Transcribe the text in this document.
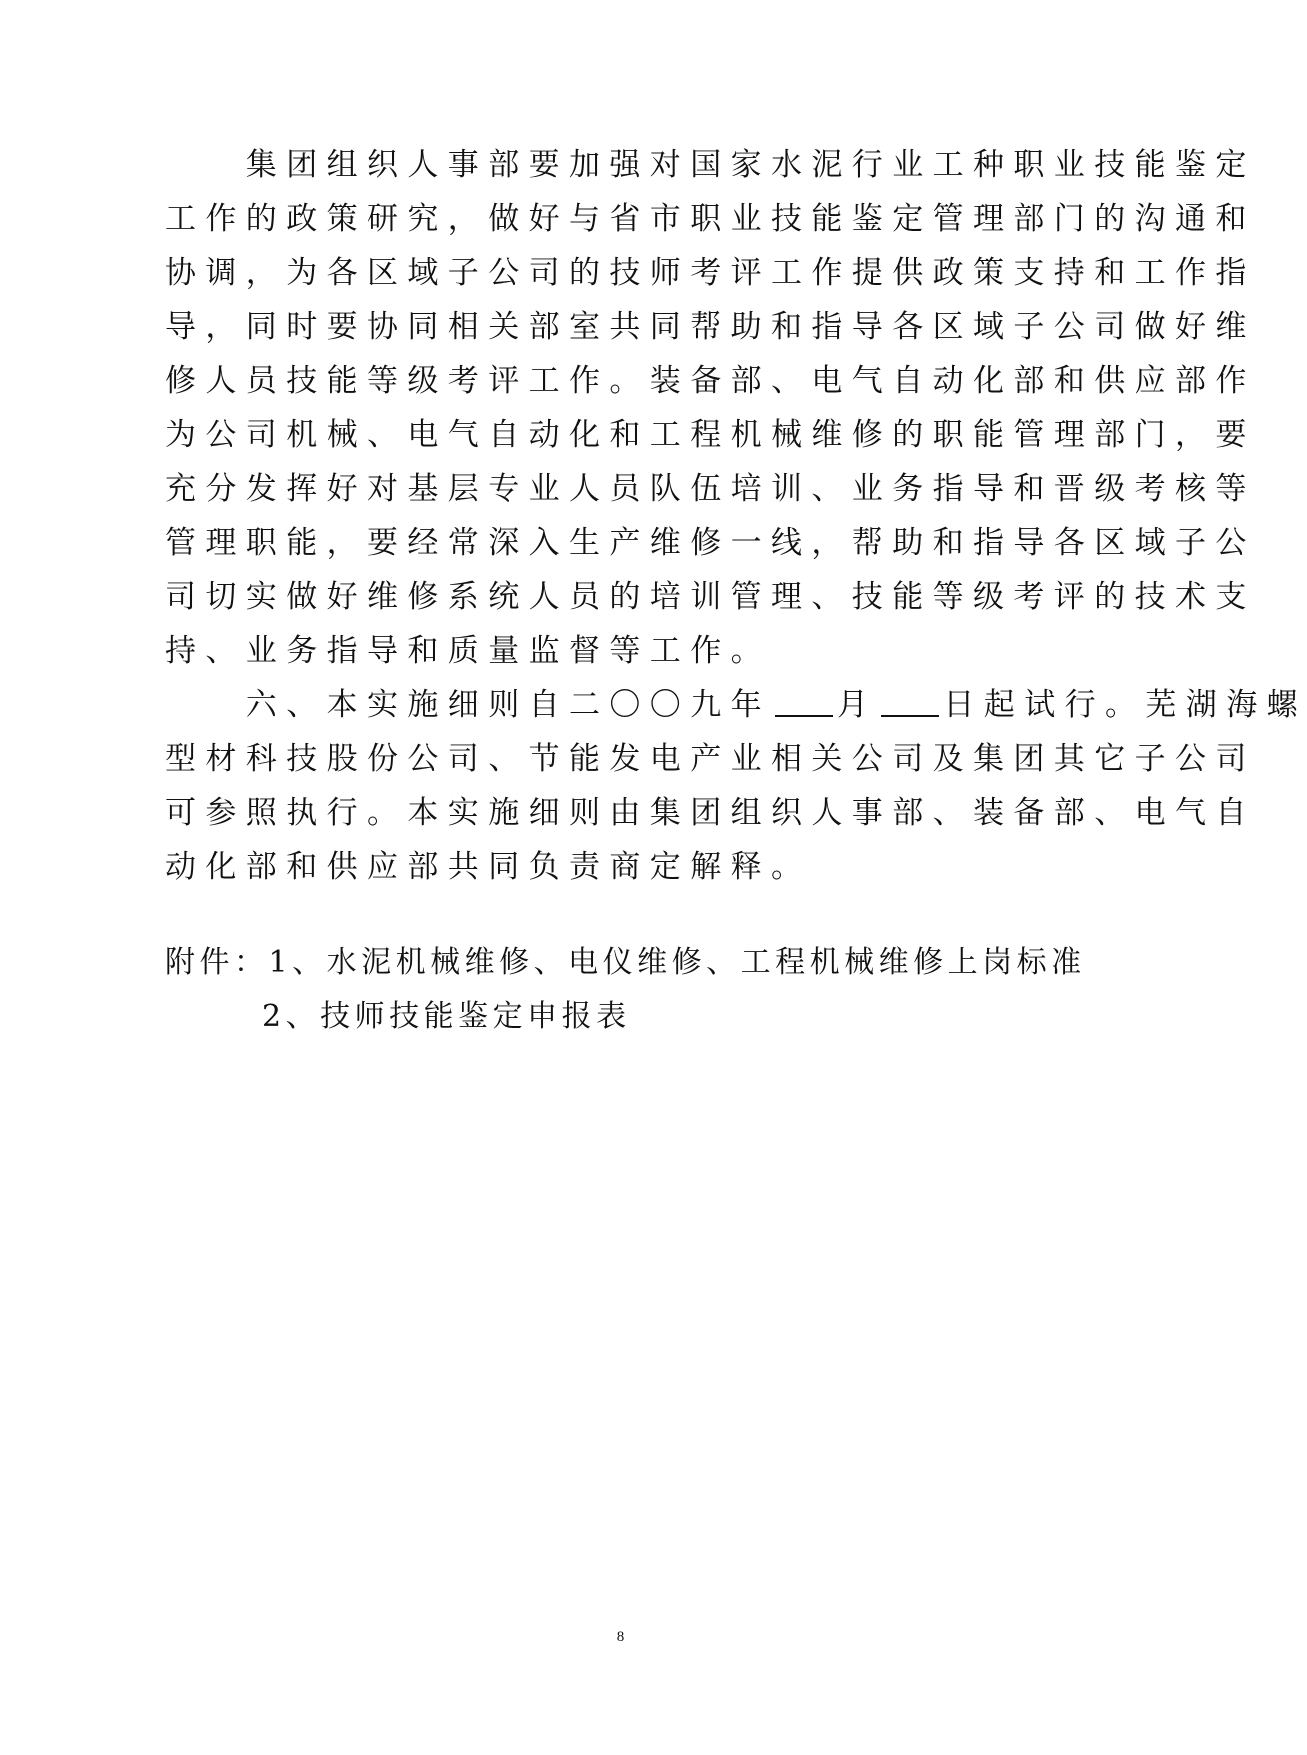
　　集团组织人事部要加强对国家水泥行业工种职业技能鉴定
工作的政策研究，做好与省市职业技能鉴定管理部门的沟通和
协调，为各区域子公司的技师考评工作提供政策支持和工作指
导，同时要协同相关部室共同帮助和指导各区域子公司做好维
修人员技能等级考评工作。装备部、电气自动化部和供应部作
为公司机械、电气自动化和工程机械维修的职能管理部门，要
充分发挥好对基层专业人员队伍培训、业务指导和晋级考核等
管理职能，要经常深入生产维修一线，帮助和指导各区域子公
司切实做好维修系统人员的培训管理、技能等级考评的技术支
持、业务指导和质量监督等工作。
　　六、本实施细则自二〇〇九年 月 日起试行。芜湖海螺
型材科技股份公司、节能发电产业相关公司及集团其它子公司
可参照执行。本实施细则由集团组织人事部、装备部、电气自
动化部和供应部共同负责商定解释。
附件：1、水泥机械维修、电仪维修、工程机械维修上岗标准
2、技师技能鉴定申报表
8
